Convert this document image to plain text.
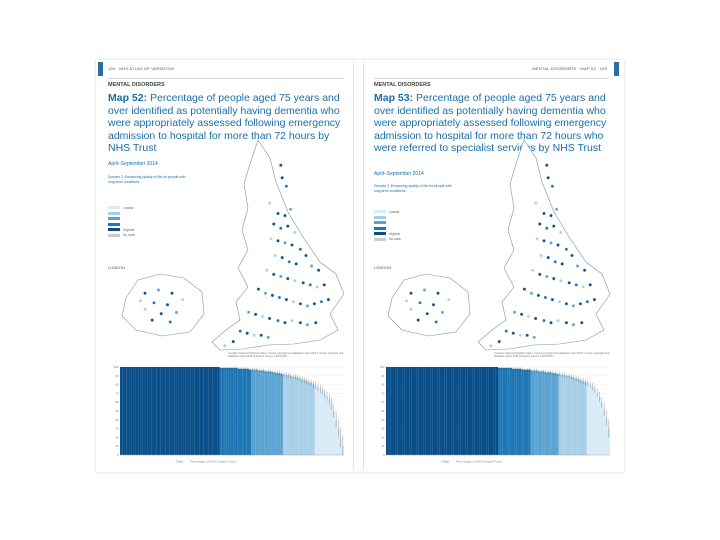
194 NHS ATLAS OF VARIATION
MENTAL DISORDERS

Map 52: Percentage of people aged 75 years and over identified as potentially having dementia who were appropriately assessed following emergency admission to hospital for more than 72 hours by NHS Trust

April–September 2014
Domain 2: Enhancing quality of life for people with long-term conditions
Lowest
Highest
No data
LONDON
Contains National Statistics data © Crown copyright and database right 2015 © Crown copyright and database rights 2015 Ordnance Survey 100019153
0
10
20
30
40
50
60
70
80
90
100
Trust Percentage of NHS Hospital Trusts
MENTAL DISORDERS · MAP 53 195
MENTAL DISORDERS

Map 53: Percentage of people aged 75 years and over identified as potentially having dementia who were appropriately assessed following emergency admission to hospital for more than 72 hours who were referred to specialist services by NHS Trust

April–September 2014
Domain 2: Enhancing quality of life for people with long-term conditions
Lowest
Highest
No data
LONDON
Contains National Statistics data © Crown copyright and database right 2015 © Crown copyright and database rights 2015 Ordnance Survey 100019153
0
10
20
30
40
50
60
70
80
90
100
Trust Percentage of NHS Hospital Trusts
